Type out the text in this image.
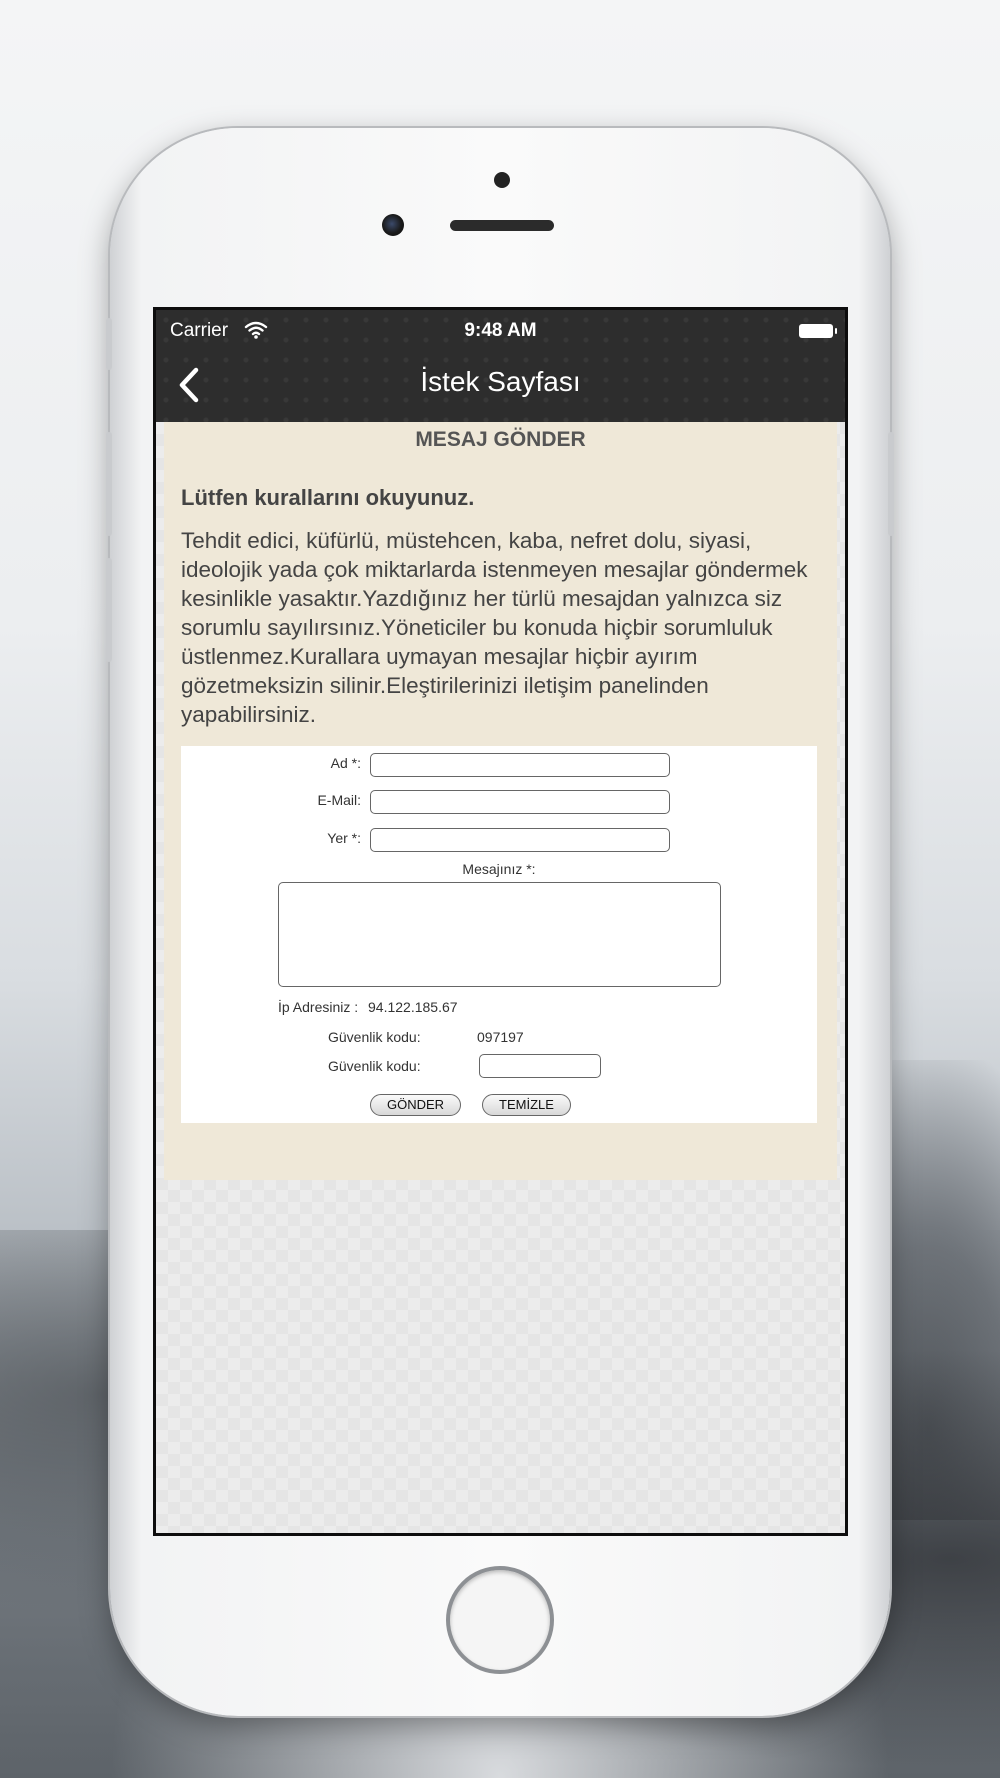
Carrier	9:48 AM
İstek Sayfası
MESAJ GÖNDER
Lütfen kurallarını okuyunuz.
Tehdit edici, küfürlü, müstehcen, kaba, nefret dolu, siyasi, ideolojik yada çok miktarlarda istenmeyen mesajlar göndermek kesinlikle yasaktır.Yazdığınız her türlü mesajdan yalnızca siz sorumlu sayılırsınız.Yöneticiler bu konuda hiçbir sorumluluk üstlenmez.Kurallara uymayan mesajlar hiçbir ayırım gözetmeksizin silinir.Eleştirilerinizi iletişim panelinden yapabilirsiniz.
Ad *:
E-Mail:
Yer *:
Mesajınız *:
İp Adresiniz : 94.122.185.67
Güvenlik kodu:	097197
Güvenlik kodu:
GÖNDER	TEMİZLE
